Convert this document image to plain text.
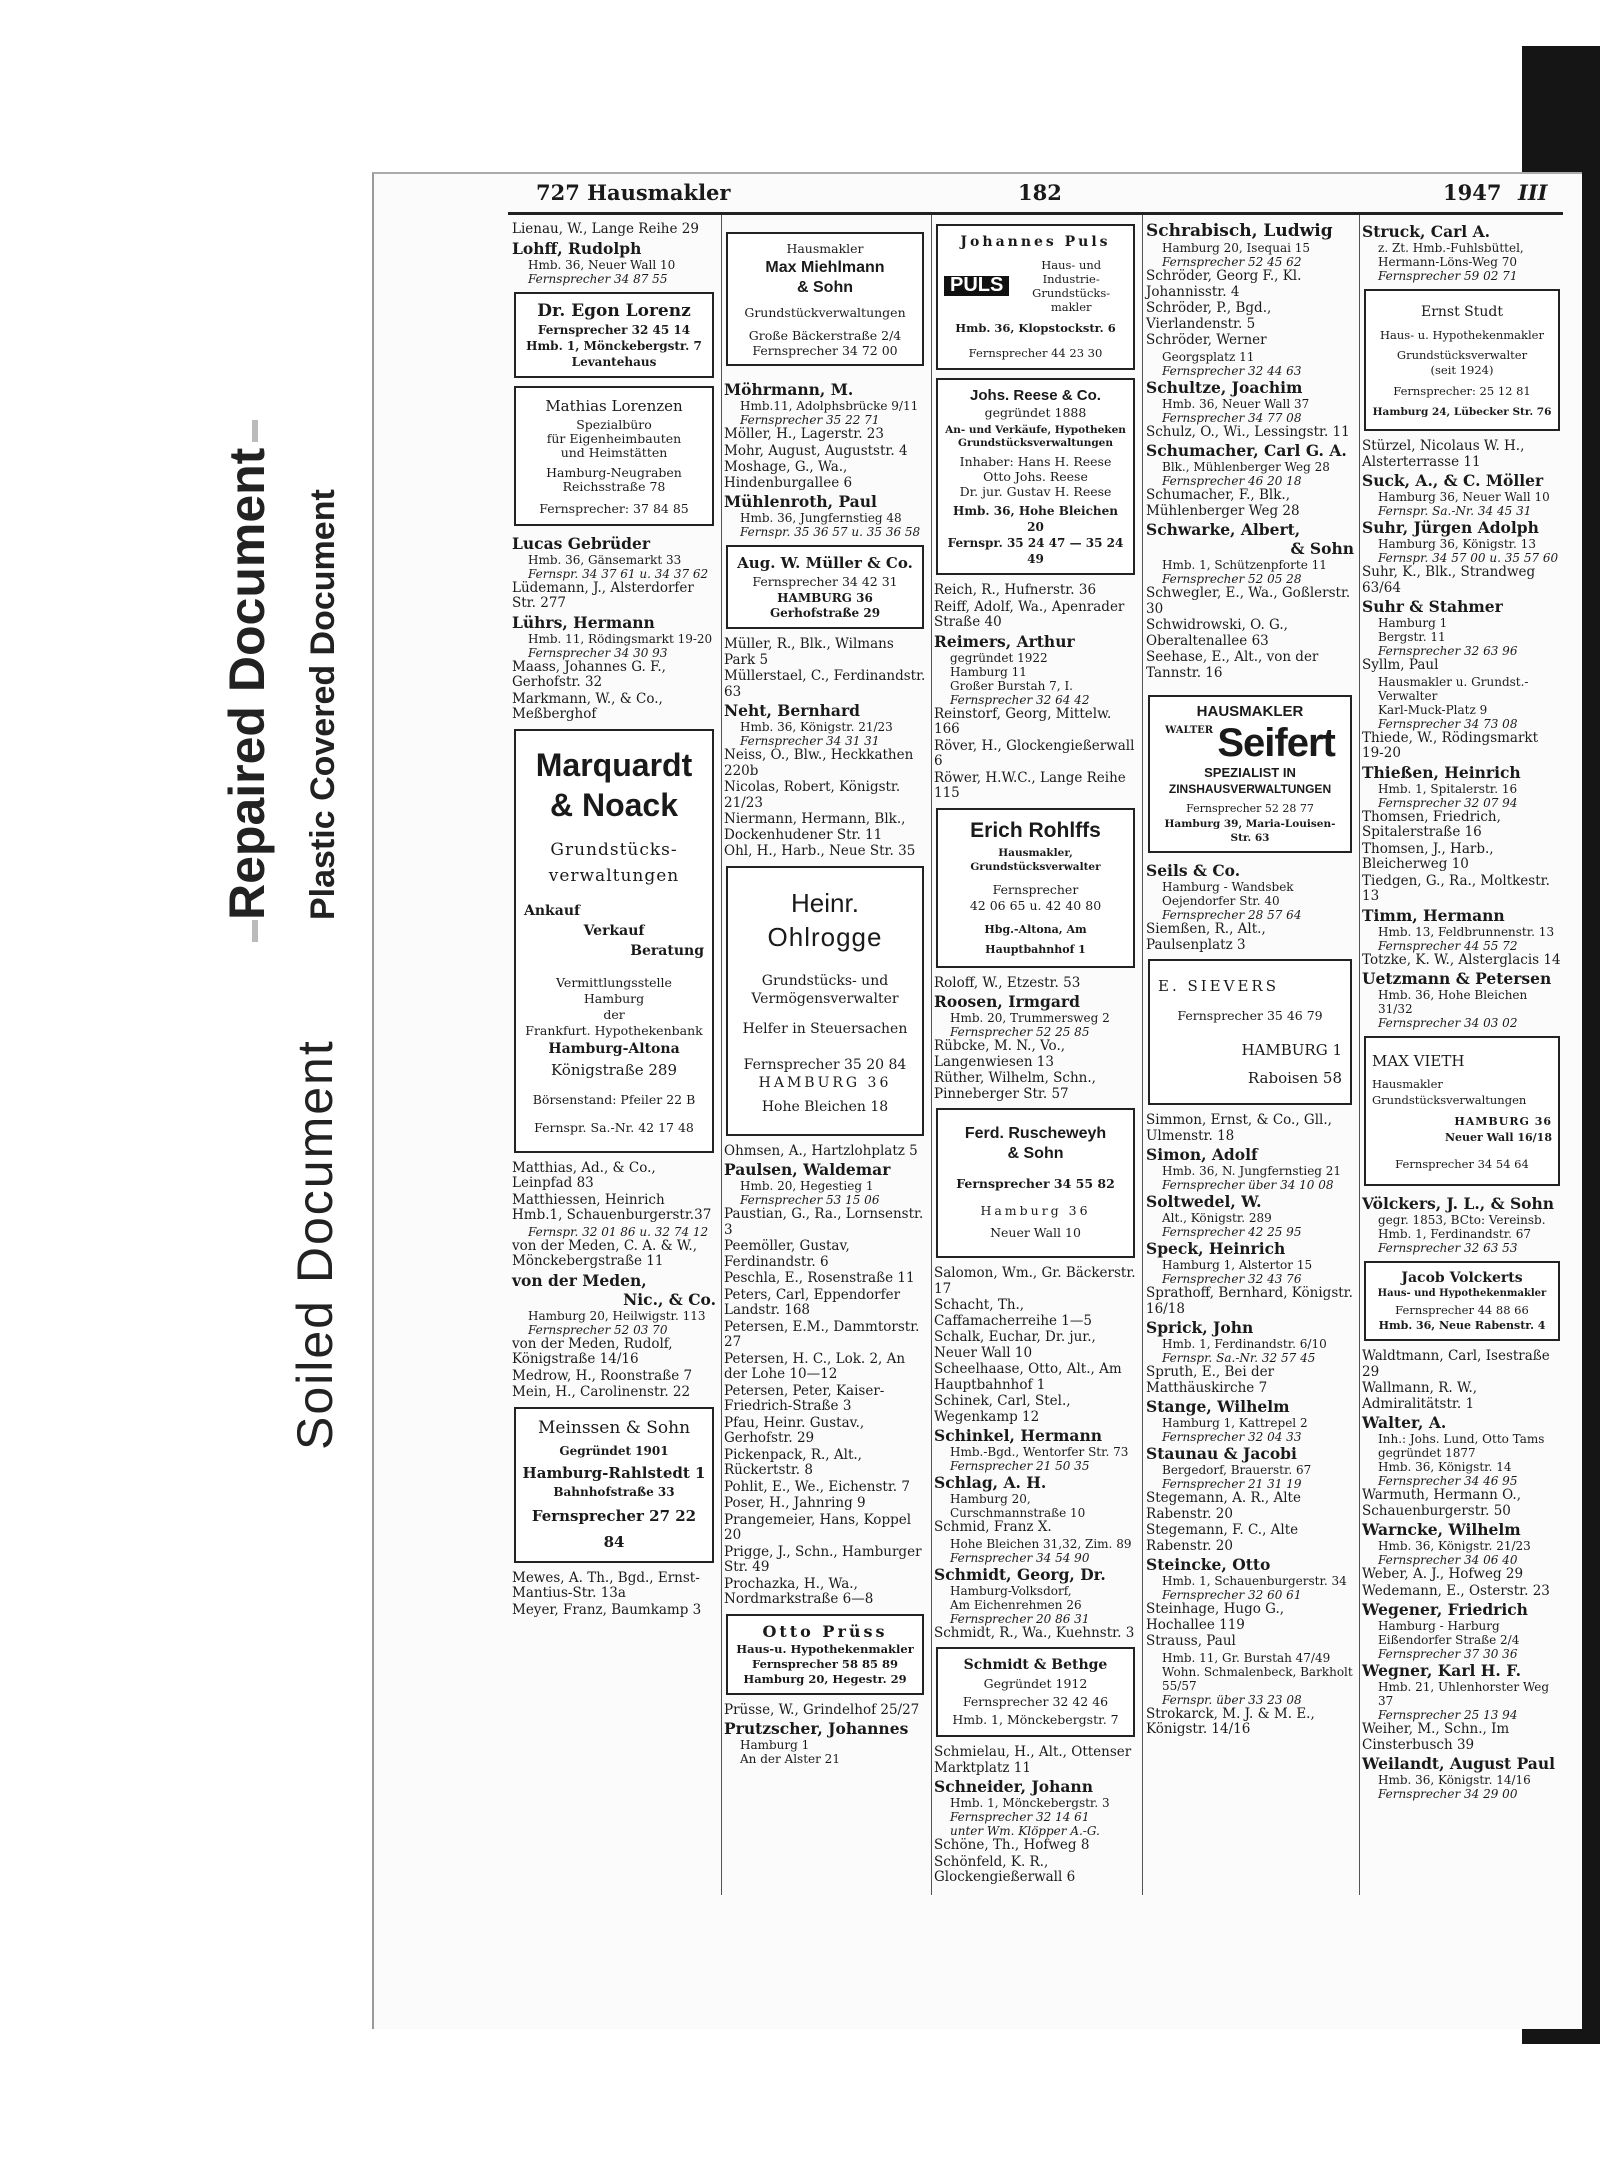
Repaired Document Plastic Covered Document
Soiled Document
727 Hausmakler	182	1947 III
Lienau, W., Lange Reihe 29
Lohff, Rudolph
Hmb. 36, Neuer Wall 10
Fernsprecher 34 87 55
Dr. Egon Lorenz
Fernsprecher 32 45 14
Hmb. 1, Mönckebergstr. 7
Levantehaus
Mathias Lorenzen
Spezialbüro
für Eigenheimbauten
und Heimstätten
Hamburg-Neugraben
Reichsstraße 78
Fernsprecher: 37 84 85
Lucas Gebrüder
Hmb. 36, Gänsemarkt 33
Fernspr. 34 37 61 u. 34 37 62
Lüdemann, J., Alsterdorfer Str. 277
Lührs, Hermann
Hmb. 11, Rödingsmarkt 19-20
Fernsprecher 34 30 93
Maass, Johannes G. F., Gerhofstr. 32
Markmann, W., & Co., Meßberghof
Marquardt
& Noack
Grundstücks-
verwaltungen
Ankauf
Verkauf
Beratung
Vermittlungsstelle Hamburg
der
Frankfurt. Hypothekenbank
Hamburg-Altona
Königstraße 289
Börsenstand: Pfeiler 22 B
Fernspr. Sa.-Nr. 42 17 48
Matthias, Ad., & Co., Leinpfad 83
Matthiessen, Heinrich Hmb.1, Schauenburgerstr.37
Fernspr. 32 01 86 u. 32 74 12
von der Meden, C. A. & W., Mönckebergstraße 11
von der Meden,
Nic., & Co.
Hamburg 20, Heilwigstr. 113
Fernsprecher 52 03 70
von der Meden, Rudolf, Königstraße 14/16
Medrow, H., Roonstraße 7
Mein, H., Carolinenstr. 22
Meinssen & Sohn
Gegründet 1901
Hamburg-Rahlstedt 1
Bahnhofstraße 33
Fernsprecher 27 22 84
Mewes, A. Th., Bgd., Ernst-Mantius-Str. 13a
Meyer, Franz, Baumkamp 3
Hausmakler
Max Miehlmann
& Sohn
Grundstückverwaltungen
Große Bäckerstraße 2/4
Fernsprecher 34 72 00
Möhrmann, M.
Hmb.11, Adolphsbrücke 9/11
Fernsprecher 35 22 71
Möller, H., Lagerstr. 23
Mohr, August, Auguststr. 4
Moshage, G., Wa., Hindenburgallee 6
Mühlenroth, Paul
Hmb. 36, Jungfernstieg 48
Fernspr. 35 36 57 u. 35 36 58
Aug. W. Müller & Co.
Fernsprecher 34 42 31
HAMBURG 36
Gerhofstraße 29
Müller, R., Blk., Wilmans Park 5
Müllerstael, C., Ferdinandstr. 63
Neht, Bernhard
Hmb. 36, Königstr. 21/23
Fernsprecher 34 31 31
Neiss, O., Blw., Heckkathen 220b
Nicolas, Robert, Königstr. 21/23
Niermann, Hermann, Blk., Dockenhudener Str. 11
Ohl, H., Harb., Neue Str. 35
Heinr.
Ohlrogge
Grundstücks- und
Vermögensverwalter
Helfer in Steuersachen
Fernsprecher 35 20 84
HAMBURG 36
Hohe Bleichen 18
Ohmsen, A., Hartzlohplatz 5
Paulsen, Waldemar
Hmb. 20, Hegestieg 1
Fernsprecher 53 15 06
Paustian, G., Ra., Lornsenstr. 3
Peemöller, Gustav, Ferdinandstr. 6
Peschla, E., Rosenstraße 11
Peters, Carl, Eppendorfer Landstr. 168
Petersen, E.M., Dammtorstr. 27
Petersen, H. C., Lok. 2, An der Lohe 10—12
Petersen, Peter, Kaiser-Friedrich-Straße 3
Pfau, Heinr. Gustav., Gerhofstr. 29
Pickenpack, R., Alt., Rückertstr. 8
Pohlit, E., We., Eichenstr. 7
Poser, H., Jahnring 9
Prangemeier, Hans, Koppel 20
Prigge, J., Schn., Hamburger Str. 49
Prochazka, H., Wa., Nordmarkstraße 6—8
Otto Prüss
Haus-u. Hypothekenmakler
Fernsprecher 58 85 89
Hamburg 20, Hegestr. 29
Prüsse, W., Grindelhof 25/27
Prutzscher, Johannes
Hamburg 1
An der Alster 21
Johannes Puls
PULS
Haus- und
Industrie-
Grundstücks-
makler
Hmb. 36, Klopstockstr. 6
Fernsprecher 44 23 30
Johs. Reese & Co.
gegründet 1888
An- und Verkäufe, Hypotheken
Grundstücksverwaltungen
Inhaber: Hans H. Reese
Otto Johs. Reese
Dr. jur. Gustav H. Reese
Hmb. 36, Hohe Bleichen 20
Fernspr. 35 24 47 — 35 24 49
Reich, R., Hufnerstr. 36
Reiff, Adolf, Wa., Apenrader Straße 40
Reimers, Arthur
gegründet 1922
Hamburg 11
Großer Burstah 7, I.
Fernsprecher 32 64 42
Reinstorf, Georg, Mittelw. 166
Röver, H., Glockengießerwall 6
Röwer, H.W.C., Lange Reihe 115
Erich Rohlffs
Hausmakler, Grundstücksverwalter
Fernsprecher
42 06 65 u. 42 40 80
Hbg.-Altona, Am Hauptbahnhof 1
Roloff, W., Etzestr. 53
Roosen, Irmgard
Hmb. 20, Trummersweg 2
Fernsprecher 52 25 85
Rübcke, M. N., Vo., Langenwiesen 13
Rüther, Wilhelm, Schn., Pinneberger Str. 57
Ferd. Ruscheweyh
& Sohn
Fernsprecher 34 55 82
Hamburg 36
Neuer Wall 10
Salomon, Wm., Gr. Bäckerstr. 17
Schacht, Th., Caffamacherreihe 1—5
Schalk, Euchar, Dr. jur., Neuer Wall 10
Scheelhaase, Otto, Alt., Am Hauptbahnhof 1
Schinek, Carl, Stel., Wegenkamp 12
Schinkel, Hermann
Hmb.-Bgd., Wentorfer Str. 73
Fernsprecher 21 50 35
Schlag, A. H.
Hamburg 20,
Curschmannstraße 10
Schmid, Franz X.
Hohe Bleichen 31,32, Zim. 89
Fernsprecher 34 54 90
Schmidt, Georg, Dr.
Hamburg-Volksdorf,
Am Eichenrehmen 26
Fernsprecher 20 86 31
Schmidt, R., Wa., Kuehnstr. 3
Schmidt & Bethge
Gegründet 1912
Fernsprecher 32 42 46
Hmb. 1, Mönckebergstr. 7
Schmielau, H., Alt., Ottenser Marktplatz 11
Schneider, Johann
Hmb. 1, Mönckebergstr. 3
Fernsprecher 32 14 61
unter Wm. Klöpper A.-G.
Schöne, Th., Hofweg 8
Schönfeld, K. R., Glockengießerwall 6
Schrabisch, Ludwig
Hamburg 20, Isequai 15
Fernsprecher 52 45 62
Schröder, Georg F., Kl. Johannisstr. 4
Schröder, P., Bgd., Vierlandenstr. 5
Schröder, Werner
Georgsplatz 11
Fernsprecher 32 44 63
Schultze, Joachim
Hmb. 36, Neuer Wall 37
Fernsprecher 34 77 08
Schulz, O., Wi., Lessingstr. 11
Schumacher, Carl G. A.
Blk., Mühlenberger Weg 28
Fernsprecher 46 20 18
Schumacher, F., Blk., Mühlenberger Weg 28
Schwarke, Albert,
& Sohn
Hmb. 1, Schützenpforte 11
Fernsprecher 52 05 28
Schwegler, E., Wa., Goßlerstr. 30
Schwidrowski, O. G., Oberaltenallee 63
Seehase, E., Alt., von der Tannstr. 16
HAUSMAKLER
$^{WALTER}$ Seifert
SPEZIALIST IN
ZINSHAUSVERWALTUNGEN
Fernsprecher 52 28 77
Hamburg 39, Maria-Louisen-Str. 63
Seils & Co.
Hamburg - Wandsbek
Oejendorfer Str. 40
Fernsprecher 28 57 64
Siemßen, R., Alt., Paulsenplatz 3
E. SIEVERS
Fernsprecher 35 46 79
HAMBURG 1
Raboisen 58
Simmon, Ernst, & Co., Gll., Ulmenstr. 18
Simon, Adolf
Hmb. 36, N. Jungfernstieg 21
Fernsprecher über 34 10 08
Soltwedel, W.
Alt., Königstr. 289
Fernsprecher 42 25 95
Speck, Heinrich
Hamburg 1, Alstertor 15
Fernsprecher 32 43 76
Sprathoff, Bernhard, Königstr. 16/18
Sprick, John
Hmb. 1, Ferdinandstr. 6/10
Fernspr. Sa.-Nr. 32 57 45
Spruth, E., Bei der Matthäuskirche 7
Stange, Wilhelm
Hamburg 1, Kattrepel 2
Fernsprecher 32 04 33
Staunau & Jacobi
Bergedorf, Brauerstr. 67
Fernsprecher 21 31 19
Stegemann, A. R., Alte Rabenstr. 20
Stegemann, F. C., Alte Rabenstr. 20
Steincke, Otto
Hmb. 1, Schauenburgerstr. 34
Fernsprecher 32 60 61
Steinhage, Hugo G., Hochallee 119
Strauss, Paul
Hmb. 11, Gr. Burstah 47/49
Wohn. Schmalenbeck, Barkholt 55/57
Fernspr. über 33 23 08
Strokarck, M. J. & M. E., Königstr. 14/16
Struck, Carl A.
z. Zt. Hmb.-Fuhlsbüttel,
Hermann-Löns-Weg 70
Fernsprecher 59 02 71
Ernst Studt
Haus- u. Hypothekenmakler
Grundstücksverwalter
(seit 1924)
Fernsprecher: 25 12 81
Hamburg 24, Lübecker Str. 76
Stürzel, Nicolaus W. H., Alsterterrasse 11
Suck, A., & C. Möller
Hamburg 36, Neuer Wall 10
Fernspr. Sa.-Nr. 34 45 31
Suhr, Jürgen Adolph
Hamburg 36, Königstr. 13
Fernspr. 34 57 00 u. 35 57 60
Suhr, K., Blk., Strandweg 63/64
Suhr & Stahmer
Hamburg 1
Bergstr. 11
Fernsprecher 32 63 96
Syllm, Paul
Hausmakler u. Grundst.-Verwalter
Karl-Muck-Platz 9
Fernsprecher 34 73 08
Thiede, W., Rödingsmarkt 19-20
Thießen, Heinrich
Hmb. 1, Spitalerstr. 16
Fernsprecher 32 07 94
Thomsen, Friedrich, Spitalerstraße 16
Thomsen, J., Harb., Bleicherweg 10
Tiedgen, G., Ra., Moltkestr. 13
Timm, Hermann
Hmb. 13, Feldbrunnenstr. 13
Fernsprecher 44 55 72
Totzke, K. W., Alsterglacis 14
Uetzmann & Petersen
Hmb. 36, Hohe Bleichen 31/32
Fernsprecher 34 03 02
MAX VIETH
Hausmakler
Grundstücksverwaltungen
HAMBURG 36
Neuer Wall 16/18
Fernsprecher 34 54 64
Völckers, J. L., & Sohn
gegr. 1853, BCto: Vereinsb.
Hmb. 1, Ferdinandstr. 67
Fernsprecher 32 63 53
Jacob Volckerts
Haus- und Hypothekenmakler
Fernsprecher 44 88 66
Hmb. 36, Neue Rabenstr. 4
Waldtmann, Carl, Isestraße 29
Wallmann, R. W., Admiralitätstr. 1
Walter, A.
Inh.: Johs. Lund, Otto Tams
gegründet 1877
Hmb. 36, Königstr. 14
Fernsprecher 34 46 95
Warmuth, Hermann O., Schauenburgerstr. 50
Warncke, Wilhelm
Hmb. 36, Königstr. 21/23
Fernsprecher 34 06 40
Weber, A. J., Hofweg 29
Wedemann, E., Osterstr. 23
Wegener, Friedrich
Hamburg - Harburg
Eißendorfer Straße 2/4
Fernsprecher 37 30 36
Wegner, Karl H. F.
Hmb. 21, Uhlenhorster Weg 37
Fernsprecher 25 13 94
Weiher, M., Schn., Im Cinsterbusch 39
Weilandt, August Paul
Hmb. 36, Königstr. 14/16
Fernsprecher 34 29 00
